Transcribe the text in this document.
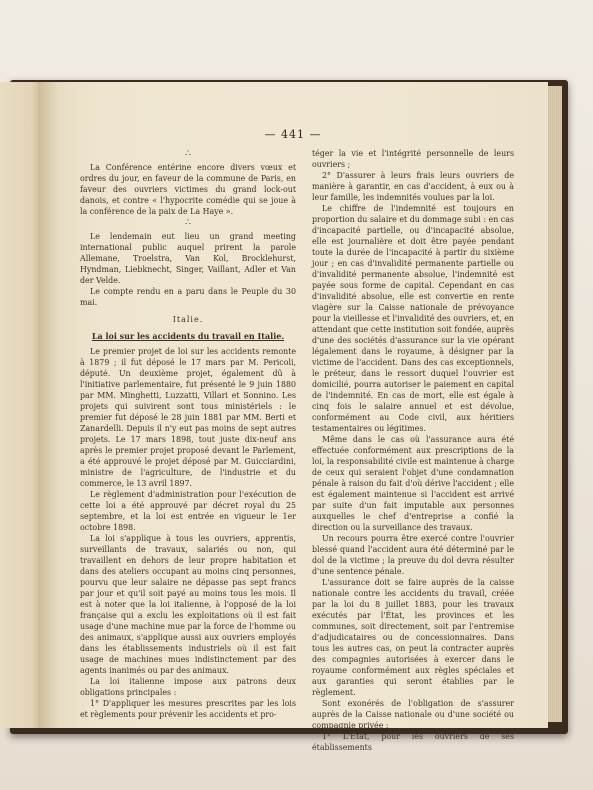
— 441 —
∴

La Conférence entérine encore divers vœux et ordres du jour, en faveur de la commune de Paris, en faveur des ouvriers victimes du grand lock-out danois, et contre « l'hypocrite comédie qui se joue à la conférence de la paix de La Haye ».

∴

Le lendemain eut lieu un grand meeting international public auquel prirent la parole Allemane, Troelstra, Van Kol, Brocklehurst, Hyndman, Liebknecht, Singer, Vaillant, Adler et Van der Velde.

Le compte rendu en a paru dans le Peuple du 30 mai.

Italie.
La loi sur les accidents du travail en Italie.

Le premier projet de loi sur les accidents remonte à 1879 ; il fut déposé le 17 mars par M. Pericoli, député. Un deuxième projet, également dû à l'initiative parlementaire, fut présenté le 9 juin 1880 par MM. Minghetti, Luzzatti, Villari et Sonnino. Les projets qui suivirent sont tous ministériels : le premier fut déposé le 28 juin 1881 par MM. Berti et Zanardelli. Depuis il n'y eut pas moins de sept autres projets. Le 17 mars 1898, tout juste dix-neuf ans après le premier projet proposé devant le Parlement, a été approuvé le projet déposé par M. Guicciardini, ministre de l'agriculture, de l'industrie et du commerce, le 13 avril 1897.

Le règlement d'administration pour l'exécution de cette loi a été approuvé par décret royal du 25 septembre, et la loi est entrée en vigueur le 1er octobre 1898.

La loi s'applique à tous les ouvriers, apprentis, surveillants de travaux, salariés ou non, qui travaillent en dehors de leur propre habitation et dans des ateliers occupant au moins cinq personnes, pourvu que leur salaire ne dépasse pas sept francs par jour et qu'il soit payé au moins tous les mois. Il est à noter que la loi italienne, à l'opposé de la loi française qui a exclu les exploitations où il est fait usage d'une machine mue par la force de l'homme ou des animaux, s'applique aussi aux ouvriers employés dans les établissements industriels où il est fait usage de machines mues indistinctement par des agents inanimés ou par des animaux.

La loi italienne impose aux patrons deux obligations principales :

1° D'appliquer les mesures prescrites par les lois et règlements pour prévenir les accidents et pro-

téger la vie et l'intégrité personnelle de leurs ouvriers ;

2° D'assurer à leurs frais leurs ouvriers de manière à garantir, en cas d'accident, à eux ou à leur famille, les indemnités voulues par la loi.

Le chiffre de l'indemnité est toujours en proportion du salaire et du dommage subi : en cas d'incapacité partielle, ou d'incapacité absolue, elle est journalière et doit être payée pendant toute la durée de l'incapacité à partir du sixième jour ; en cas d'invalidité permanente partielle ou d'invalidité permanente absolue, l'indemnité est payée sous forme de capital. Cependant en cas d'invalidité absolue, elle est convertie en rente viagère sur la Caisse nationale de prévoyance pour la vieillesse et l'invalidité des ouvriers, et, en attendant que cette institution soit fondée, auprès d'une des sociétés d'assurance sur la vie opérant légalement dans le royaume, à désigner par la victime de l'accident. Dans des cas exceptionnels, le préteur, dans le ressort duquel l'ouvrier est domicilié, pourra autoriser le paiement en capital de l'indemnité. En cas de mort, elle est égale à cinq fois le salaire annuel et est dévolue, conformément au Code civil, aux héritiers testamentaires ou légitimes.

Même dans le cas où l'assurance aura été effectuée conformément aux prescriptions de la loi, la responsabilité civile est maintenue à charge de ceux qui seraient l'objet d'une condamnation pénale à raison du fait d'où dérive l'accident ; elle est également maintenue si l'accident est arrivé par suite d'un fait imputable aux personnes auxquelles le chef d'entreprise a confié la direction ou la surveillance des travaux.

Un recours pourra être exercé contre l'ouvrier blessé quand l'accident aura été déterminé par le dol de la victime ; la preuve du dol devra résulter d'une sentence pénale.

L'assurance doit se faire auprès de la caisse nationale contre les accidents du travail, créée par la loi du 8 juillet 1883, pour les travaux exécutés par l'État, les provinces et les communes, soit directement, soit par l'entremise d'adjudicataires ou de concessionnaires. Dans tous les autres cas, on peut la contracter auprès des compagnies autorisées à exercer dans le royaume conformément aux règles spéciales et aux garanties qui seront établies par le règlement.

Sont exonérés de l'obligation de s'assurer auprès de la Caisse nationale ou d'une société ou compagnie privée :

1° L'État, pour les ouvriers de ses établissements
